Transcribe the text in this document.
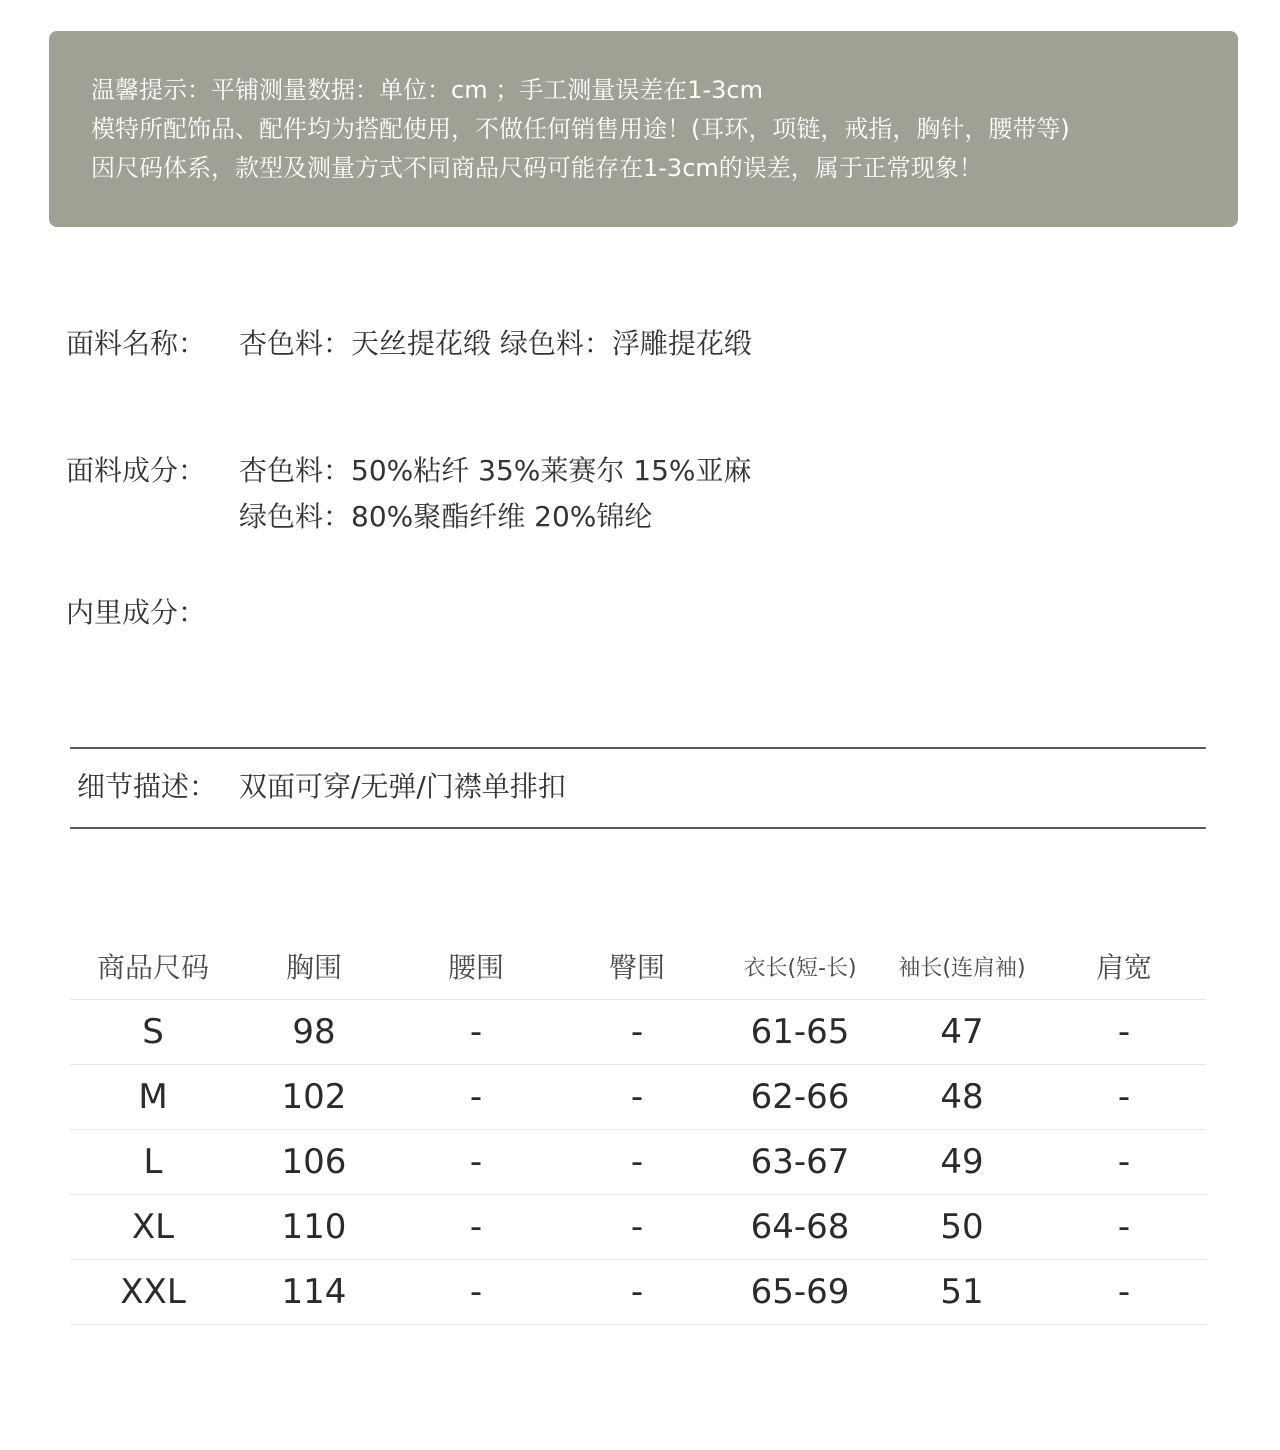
温馨提示：平铺测量数据：单位：cm ；手工测量误差在1-3cm
模特所配饰品、配件均为搭配使用，不做任何销售用途！(耳环，项链，戒指，胸针，腰带等)
因尺码体系，款型及测量方式不同商品尺码可能存在1-3cm的误差，属于正常现象！
面料名称： 杏色料：天丝提花缎 绿色料：浮雕提花缎
面料成分： 杏色料：50%粘纤 35%莱赛尔 15%亚麻
绿色料：80%聚酯纤维 20%锦纶
内里成分：
细节描述： 双面可穿/无弹/门襟单排扣
商品尺码	胸围	腰围	臀围	衣长(短-长)	袖长(连肩袖)	肩宽
S	98	-	-	61-65	47	-
M	102	-	-	62-66	48	-
L	106	-	-	63-67	49	-
XL	110	-	-	64-68	50	-
XXL	114	-	-	65-69	51	-
